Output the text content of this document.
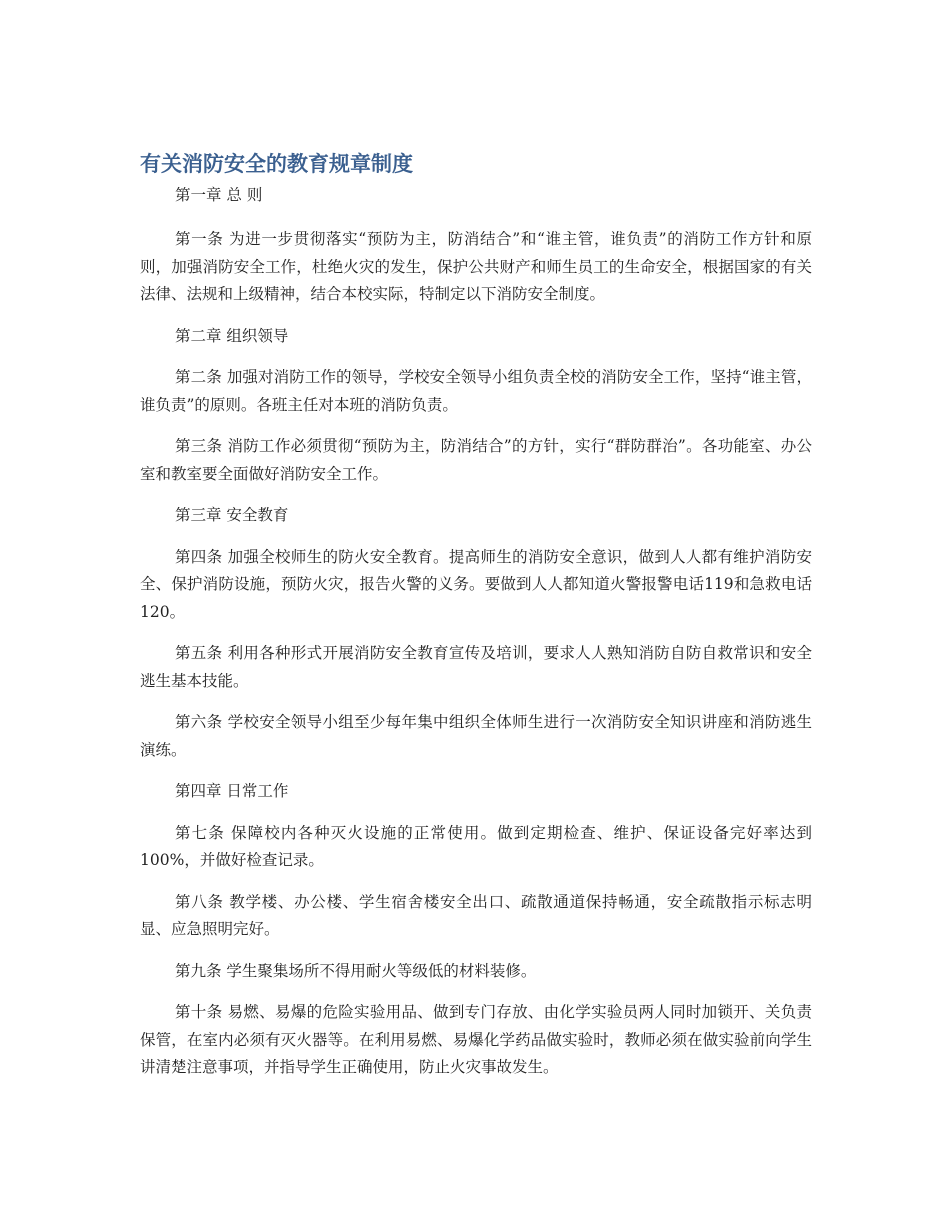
有关消防安全的教育规章制度

第一章 总 则

第一条 为进一步贯彻落实“预防为主，防消结合”和“谁主管，谁负责”的消防工作方针和原则，加强消防安全工作，杜绝火灾的发生，保护公共财产和师生员工的生命安全，根据国家的有关法律、法规和上级精神，结合本校实际，特制定以下消防安全制度。

第二章 组织领导

第二条 加强对消防工作的领导，学校安全领导小组负责全校的消防安全工作，坚持“谁主管，谁负责”的原则。各班主任对本班的消防负责。

第三条 消防工作必须贯彻“预防为主，防消结合”的方针，实行“群防群治”。各功能室、办公室和教室要全面做好消防安全工作。

第三章 安全教育

第四条 加强全校师生的防火安全教育。提高师生的消防安全意识，做到人人都有维护消防安全、保护消防设施，预防火灾，报告火警的义务。要做到人人都知道火警报警电话119和急救电话120。

第五条 利用各种形式开展消防安全教育宣传及培训，要求人人熟知消防自防自救常识和安全逃生基本技能。

第六条 学校安全领导小组至少每年集中组织全体师生进行一次消防安全知识讲座和消防逃生演练。

第四章 日常工作

第七条 保障校内各种灭火设施的正常使用。做到定期检查、维护、保证设备完好率达到100%，并做好检查记录。

第八条 教学楼、办公楼、学生宿舍楼安全出口、疏散通道保持畅通，安全疏散指示标志明显、应急照明完好。

第九条 学生聚集场所不得用耐火等级低的材料装修。

第十条 易燃、易爆的危险实验用品、做到专门存放、由化学实验员两人同时加锁开、关负责保管，在室内必须有灭火器等。在利用易燃、易爆化学药品做实验时，教师必须在做实验前向学生讲清楚注意事项，并指导学生正确使用，防止火灾事故发生。
